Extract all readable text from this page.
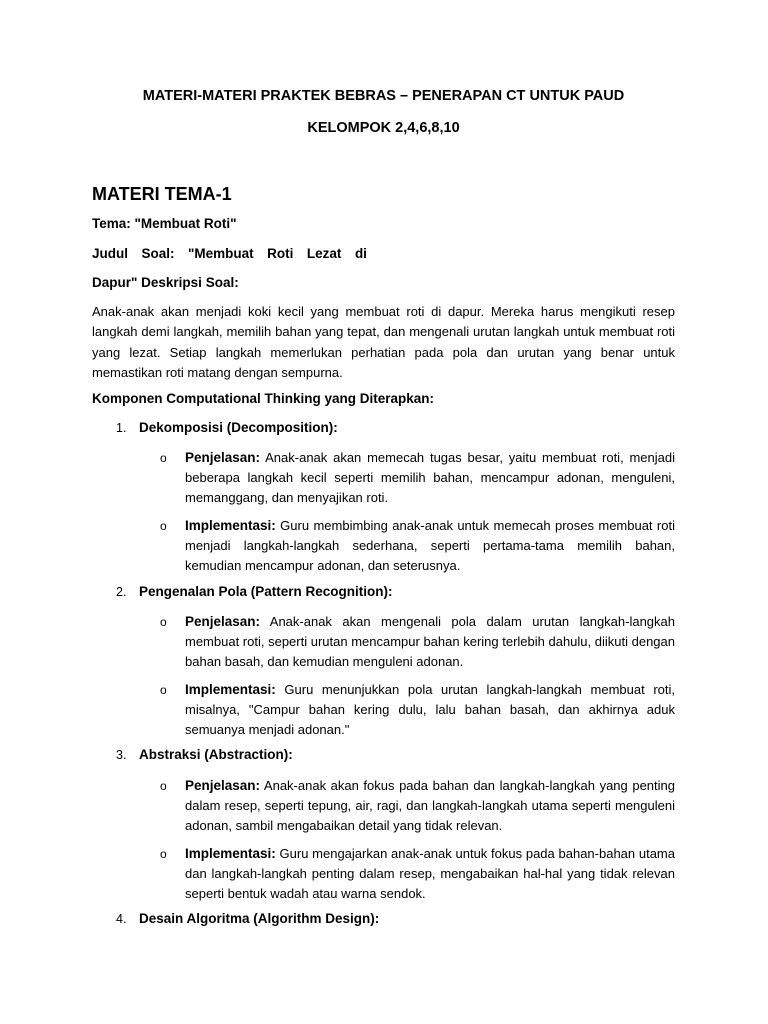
MATERI-MATERI PRAKTEK BEBRAS – PENERAPAN CT UNTUK PAUD
KELOMPOK 2,4,6,8,10
MATERI TEMA-1
Tema: "Membuat Roti"
Judul Soal: "Membuat Roti Lezat di
Dapur" Deskripsi Soal:
Anak-anak akan menjadi koki kecil yang membuat roti di dapur. Mereka harus mengikuti resep langkah demi langkah, memilih bahan yang tepat, dan mengenali urutan langkah untuk membuat roti yang lezat. Setiap langkah memerlukan perhatian pada pola dan urutan yang benar untuk memastikan roti matang dengan sempurna.
Komponen Computational Thinking yang Diterapkan:
1. Dekomposisi (Decomposition):
o Penjelasan: Anak-anak akan memecah tugas besar, yaitu membuat roti, menjadi beberapa langkah kecil seperti memilih bahan, mencampur adonan, menguleni, memanggang, dan menyajikan roti.
o Implementasi: Guru membimbing anak-anak untuk memecah proses membuat roti menjadi langkah-langkah sederhana, seperti pertama-tama memilih bahan, kemudian mencampur adonan, dan seterusnya.
2. Pengenalan Pola (Pattern Recognition):
o Penjelasan: Anak-anak akan mengenali pola dalam urutan langkah-langkah membuat roti, seperti urutan mencampur bahan kering terlebih dahulu, diikuti dengan bahan basah, dan kemudian menguleni adonan.
o Implementasi: Guru menunjukkan pola urutan langkah-langkah membuat roti, misalnya, "Campur bahan kering dulu, lalu bahan basah, dan akhirnya aduk semuanya menjadi adonan."
3. Abstraksi (Abstraction):
o Penjelasan: Anak-anak akan fokus pada bahan dan langkah-langkah yang penting dalam resep, seperti tepung, air, ragi, dan langkah-langkah utama seperti menguleni adonan, sambil mengabaikan detail yang tidak relevan.
o Implementasi: Guru mengajarkan anak-anak untuk fokus pada bahan-bahan utama dan langkah-langkah penting dalam resep, mengabaikan hal-hal yang tidak relevan seperti bentuk wadah atau warna sendok.
4. Desain Algoritma (Algorithm Design):
